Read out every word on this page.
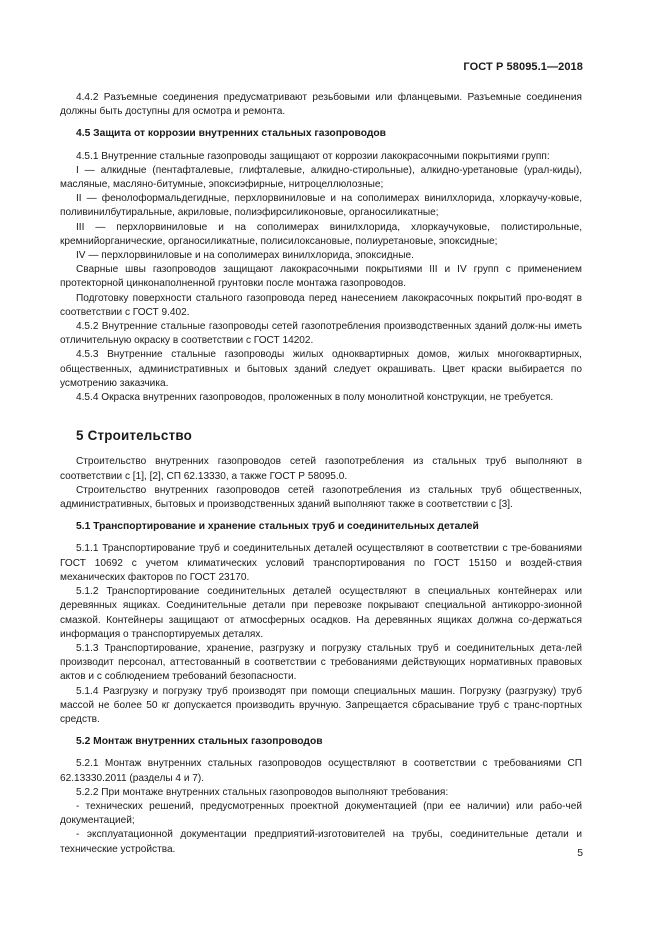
ГОСТ Р 58095.1—2018

4.4.2 Разъемные соединения предусматривают резьбовыми или фланцевыми. Разъемные соединения должны быть доступны для осмотра и ремонта.

4.5 Защита от коррозии внутренних стальных газопроводов

4.5.1 Внутренние стальные газопроводы защищают от коррозии лакокрасочными покрытиями групп:

I — алкидные (пентафталевые, глифталевые, алкидно-стирольные), алкидно-уретановые (урал-киды), масляные, масляно-битумные, эпоксиэфирные, нитроцеллюлозные;

II — фенолоформальдегидные, перхлорвиниловые и на сополимерах винилхлорида, хлоркаучу-ковые, поливинилбутиральные, акриловые, полиэфирсиликоновые, органосиликатные;

III — перхлорвиниловые и на сополимерах винилхлорида, хлоркаучуковые, полистирольные, кремнийорганические, органосиликатные, полисилоксановые, полиуретановые, эпоксидные;

IV — перхлорвиниловые и на сополимерах винилхлорида, эпоксидные.

Сварные швы газопроводов защищают лакокрасочными покрытиями III и IV групп с применением протекторной цинконаполненной грунтовки после монтажа газопроводов.

Подготовку поверхности стального газопровода перед нанесением лакокрасочных покрытий про-водят в соответствии с ГОСТ 9.402.

4.5.2 Внутренние стальные газопроводы сетей газопотребления производственных зданий долж-ны иметь отличительную окраску в соответствии с ГОСТ 14202.

4.5.3 Внутренние стальные газопроводы жилых одноквартирных домов, жилых многоквартирных, общественных, административных и бытовых зданий следует окрашивать. Цвет краски выбирается по усмотрению заказчика.

4.5.4 Окраска внутренних газопроводов, проложенных в полу монолитной конструкции, не требуется.

5 Строительство

Строительство внутренних газопроводов сетей газопотребления из стальных труб выполняют в соответствии с [1], [2], СП 62.13330, а также ГОСТ Р 58095.0.

Строительство внутренних газопроводов сетей газопотребления из стальных труб общественных, административных, бытовых и производственных зданий выполняют также в соответствии с [3].

5.1 Транспортирование и хранение стальных труб и соединительных деталей

5.1.1 Транспортирование труб и соединительных деталей осуществляют в соответствии с тре-бованиями ГОСТ 10692 с учетом климатических условий транспортирования по ГОСТ 15150 и воздей-ствия механических факторов по ГОСТ 23170.

5.1.2 Транспортирование соединительных деталей осуществляют в специальных контейнерах или деревянных ящиках. Соединительные детали при перевозке покрывают специальной антикорро-зионной смазкой. Контейнеры защищают от атмосферных осадков. На деревянных ящиках должна со-держаться информация о транспортируемых деталях.

5.1.3 Транспортирование, хранение, разгрузку и погрузку стальных труб и соединительных дета-лей производит персонал, аттестованный в соответствии с требованиями действующих нормативных правовых актов и с соблюдением требований безопасности.

5.1.4 Разгрузку и погрузку труб производят при помощи специальных машин. Погрузку (разгрузку) труб массой не более 50 кг допускается производить вручную. Запрещается сбрасывание труб с транс-портных средств.

5.2 Монтаж внутренних стальных газопроводов

5.2.1 Монтаж внутренних стальных газопроводов осуществляют в соответствии с требованиями СП 62.13330.2011 (разделы 4 и 7).

5.2.2 При монтаже внутренних стальных газопроводов выполняют требования:

- технических решений, предусмотренных проектной документацией (при ее наличии) или рабо-чей документацией;

- эксплуатационной документации предприятий-изготовителей на трубы, соединительные детали и технические устройства.	5
